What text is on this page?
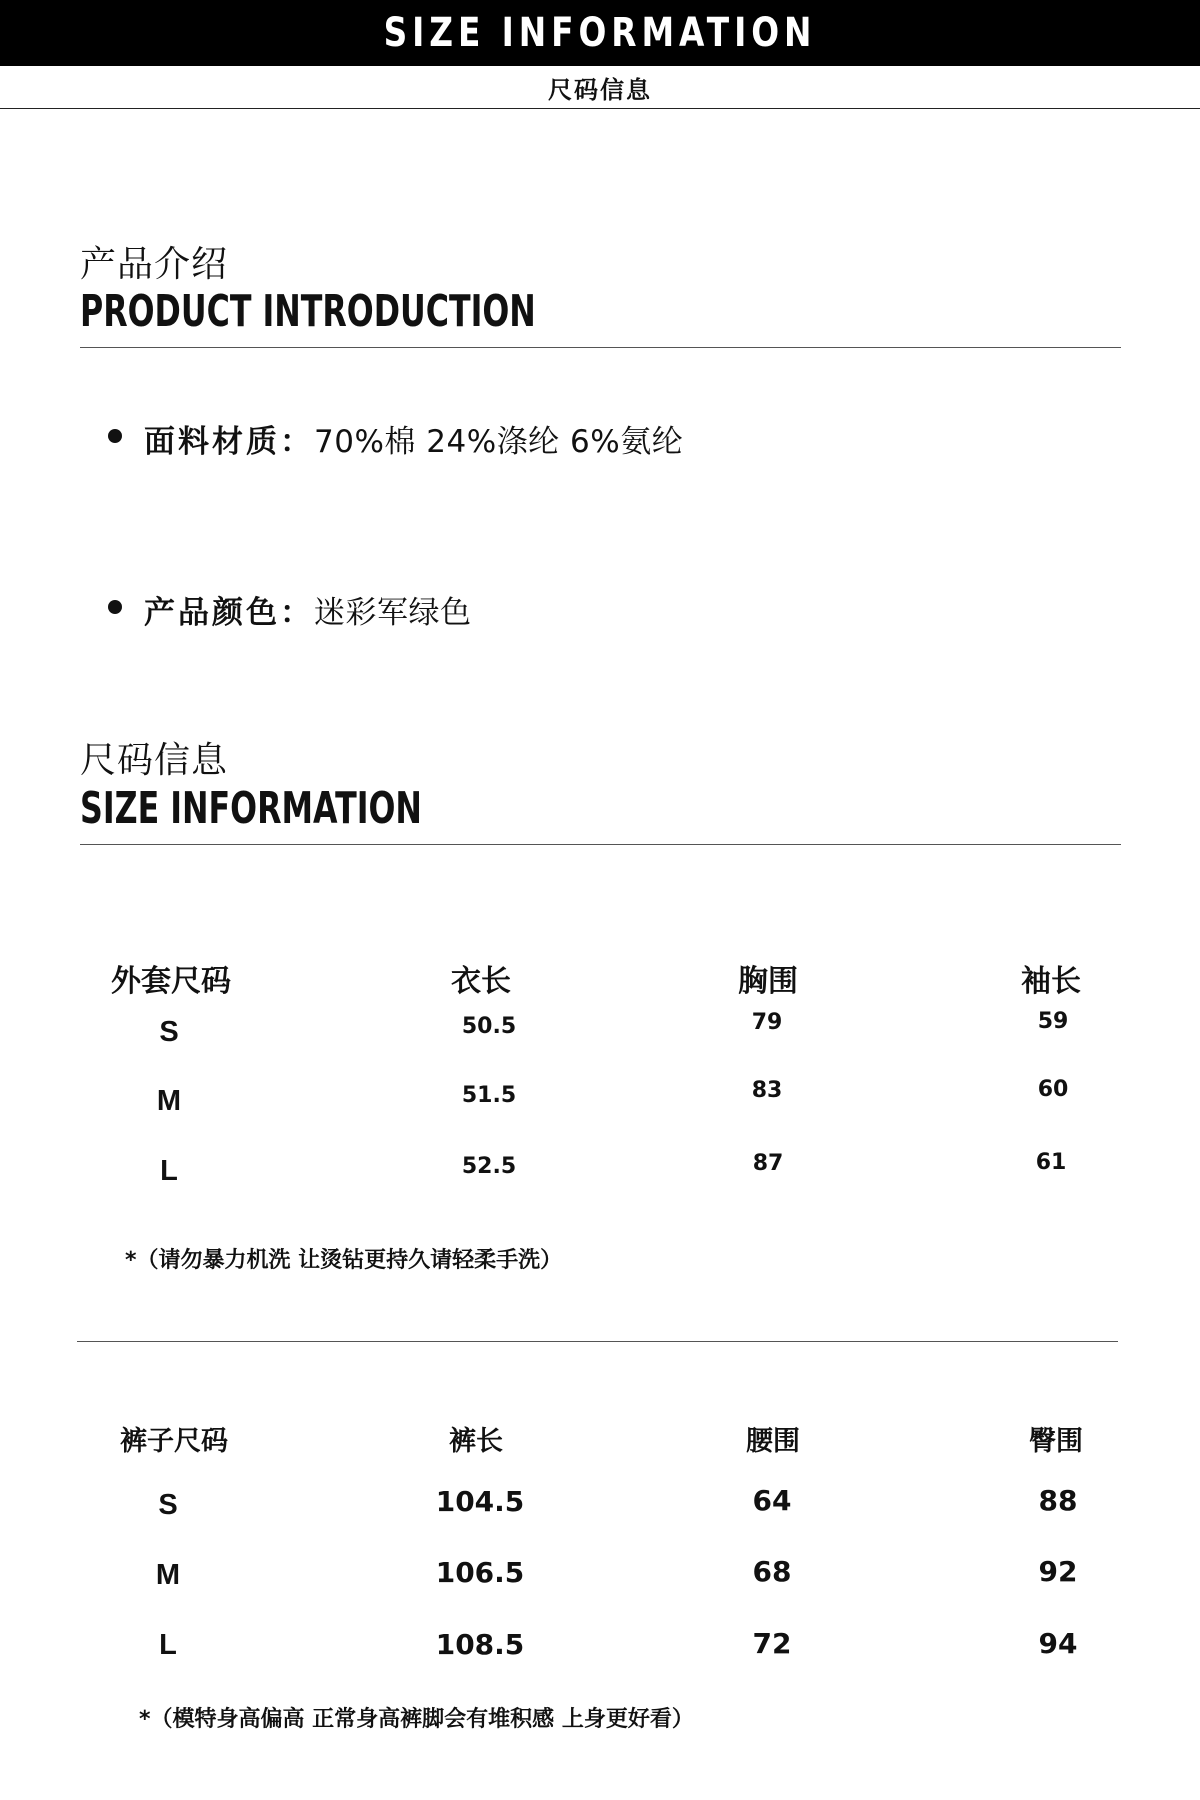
SIZE INFORMATION
尺码信息
产品介绍
PRODUCT INTRODUCTION
面料材质：70%棉 24%涤纶 6%氨纶
产品颜色：迷彩军绿色
尺码信息
SIZE INFORMATION
外套尺码	衣长	胸围	袖长
S	50.5	79	59
M	51.5	83	60
L	52.5	87	61
*（请勿暴力机洗 让烫钻更持久请轻柔手洗）
裤子尺码	裤长	腰围	臀围
S	104.5	64	88
M	106.5	68	92
L	108.5	72	94
*（模特身高偏高 正常身高裤脚会有堆积感 上身更好看）
